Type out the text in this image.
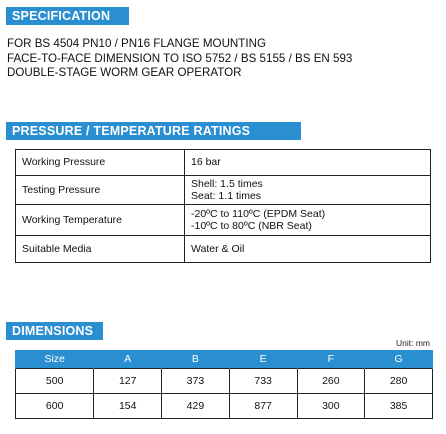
SPECIFICATION
FOR BS 4504 PN10 / PN16 FLANGE MOUNTING
FACE-TO-FACE DIMENSION TO ISO 5752 / BS 5155 / BS EN 593
DOUBLE-STAGE WORM GEAR OPERATOR
PRESSURE / TEMPERATURE RATINGS
Working Pressure	16 bar

Testing Pressure	Shell: 1.5 times
Seat: 1.1 times

Working Temperature	-20ºC to 110ºC (EPDM Seat)
-10ºC to 80ºC (NBR Seat)

Suitable Media	Water & Oil
DIMENSIONS
Unit: mm
Size	A	B	E	F	G
500	127	373	733	260	280
600	154	429	877	300	385
